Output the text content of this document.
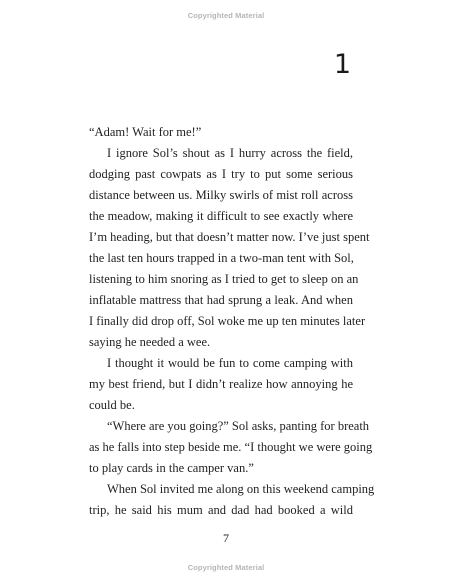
Copyrighted Material
1

“Adam! Wait for me!”

I ignore Sol’s shout as I hurry across the field,
dodging past cowpats as I try to put some serious
distance between us. Milky swirls of mist roll across
the meadow, making it difficult to see exactly where
I’m heading, but that doesn’t matter now. I’ve just spent
the last ten hours trapped in a two-man tent with Sol,
listening to him snoring as I tried to get to sleep on an
inflatable mattress that had sprung a leak. And when
I finally did drop off, Sol woke me up ten minutes later
saying he needed a wee.

I thought it would be fun to come camping with
my best friend, but I didn’t realize how annoying he
could be.

“Where are you going?” Sol asks, panting for breath
as he falls into step beside me. “I thought we were going
to play cards in the camper van.”

When Sol invited me along on this weekend camping
trip, he said his mum and dad had booked a wild

7
Copyrighted Material
